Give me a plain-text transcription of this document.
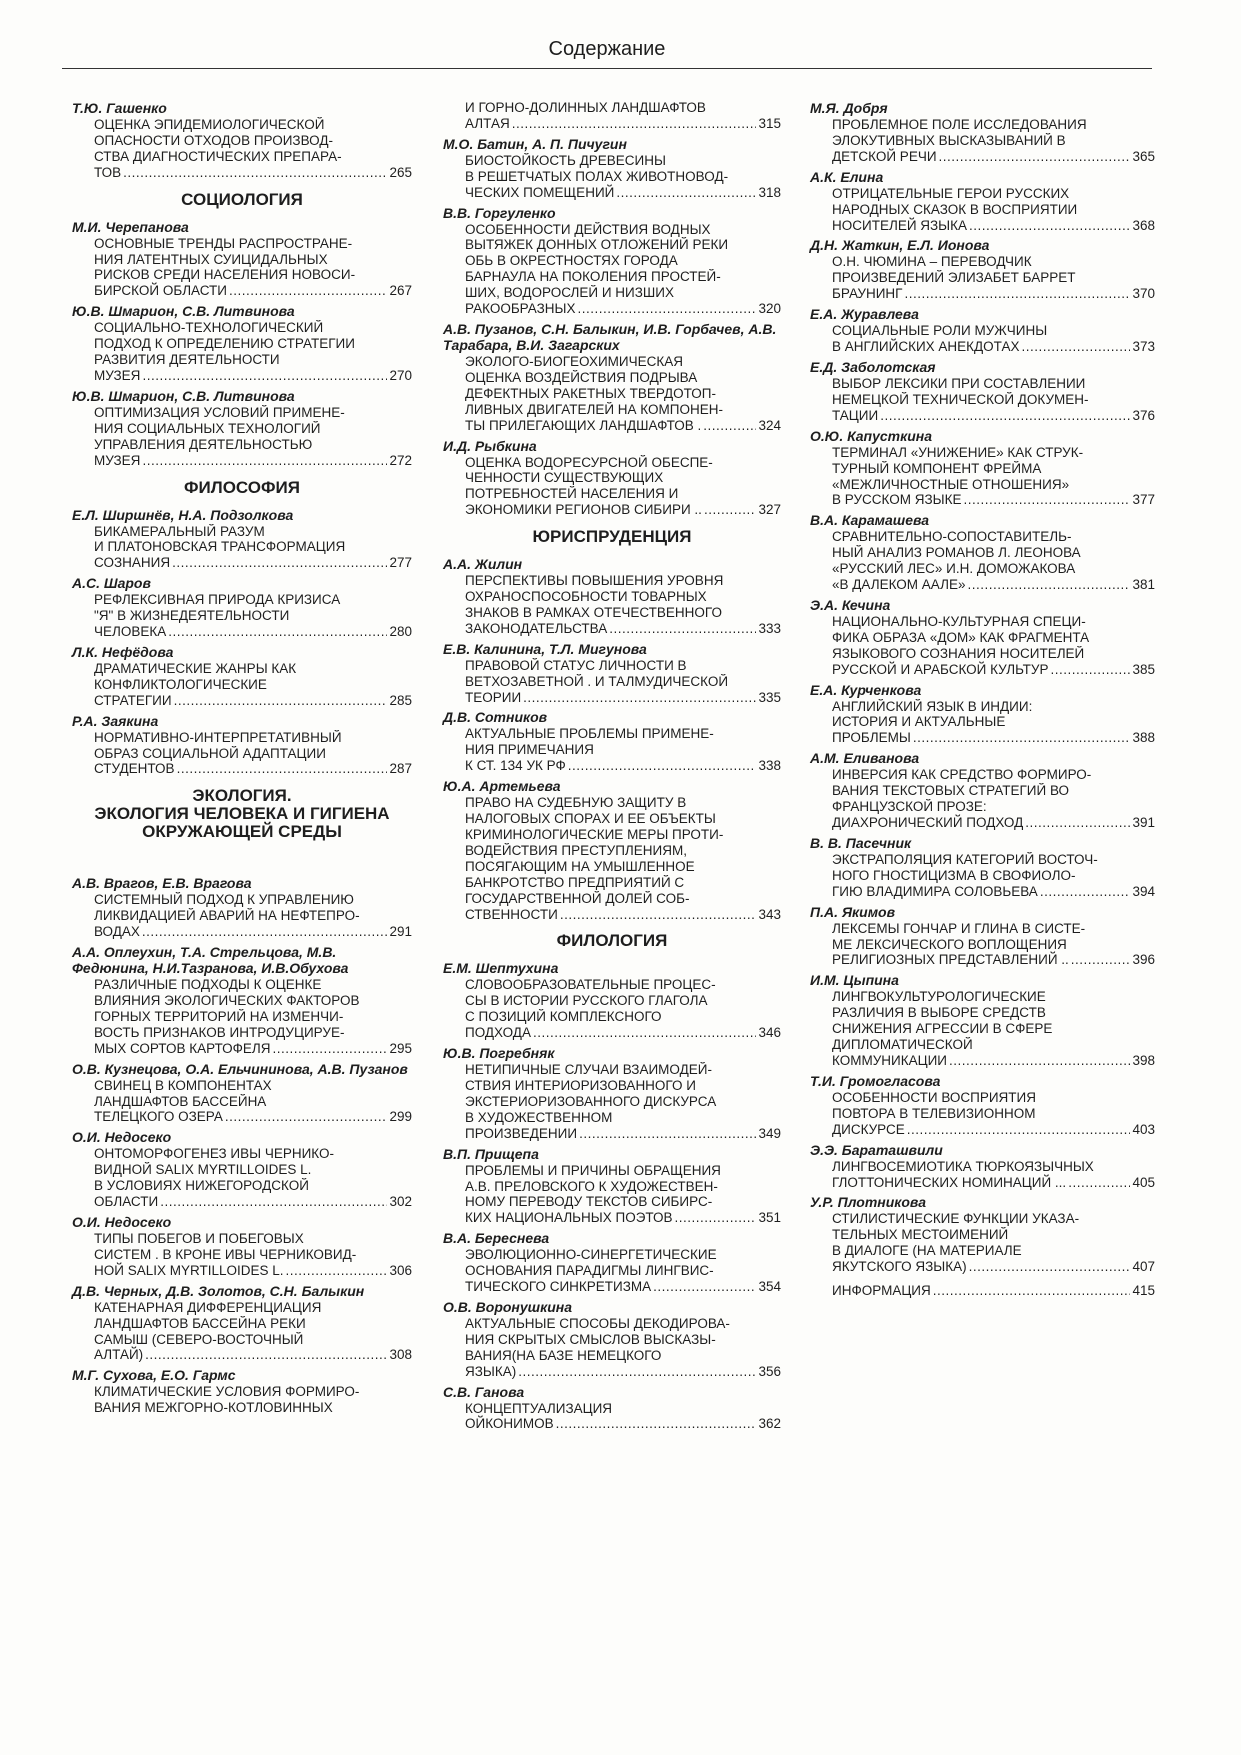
Содержание
Т.Ю. Гашенко
ОЦЕНКА ЭПИДЕМИОЛОГИЧЕСКОЙ
ОПАСНОСТИ ОТХОДОВ ПРОИЗВОД-
СТВА ДИАГНОСТИЧЕСКИХ ПРЕПАРА-
ТОВ .....	265
СОЦИОЛОГИЯ
М.И. Черепанова
ОСНОВНЫЕ ТРЕНДЫ РАСПРОСТРАНЕ-
НИЯ ЛАТЕНТНЫХ СУИЦИДАЛЬНЫХ
РИСКОВ СРЕДИ НАСЕЛЕНИЯ НОВОСИ-
БИРСКОЙ ОБЛАСТИ .....	267
Ю.В. Шмарион, С.В. Литвинова
СОЦИАЛЬНО-ТЕХНОЛОГИЧЕСКИЙ
ПОДХОД К ОПРЕДЕЛЕНИЮ СТРАТЕГИИ
РАЗВИТИЯ ДЕЯТЕЛЬНОСТИ
МУЗЕЯ .....	270
Ю.В. Шмарион, С.В. Литвинова
ОПТИМИЗАЦИЯ УСЛОВИЙ ПРИМЕНЕ-
НИЯ СОЦИАЛЬНЫХ ТЕХНОЛОГИЙ
УПРАВЛЕНИЯ ДЕЯТЕЛЬНОСТЬЮ
МУЗЕЯ .....	272
ФИЛОСОФИЯ
Е.Л. Ширшнёв, Н.А. Подзолкова
БИКАМЕРАЛЬНЫЙ РАЗУМ
И ПЛАТОНОВСКАЯ ТРАНСФОРМАЦИЯ
СОЗНАНИЯ .....	277
А.С. Шаров
РЕФЛЕКСИВНАЯ ПРИРОДА КРИЗИСА
"Я" В ЖИЗНЕДЕЯТЕЛЬНОСТИ
ЧЕЛОВЕКА .....	280
Л.К. Нефёдова
ДРАМАТИЧЕСКИЕ ЖАНРЫ КАК
КОНФЛИКТОЛОГИЧЕСКИЕ
СТРАТЕГИИ .....	285
Р.А. Заякина
НОРМАТИВНО-ИНТЕРПРЕТАТИВНЫЙ
ОБРАЗ СОЦИАЛЬНОЙ АДАПТАЦИИ
СТУДЕНТОВ .....	287
ЭКОЛОГИЯ.
ЭКОЛОГИЯ ЧЕЛОВЕКА И ГИГИЕНА
ОКРУЖАЮЩЕЙ СРЕДЫ
А.В. Врагов, Е.В. Врагова
СИСТЕМНЫЙ ПОДХОД К УПРАВЛЕНИЮ
ЛИКВИДАЦИЕЙ АВАРИЙ НА НЕФТЕПРО-
ВОДАХ .....	291
А.А. Оплеухин, Т.А. Стрельцова, М.В. Федюнина, Н.И.Тазранова, И.В.Обухова
РАЗЛИЧНЫЕ ПОДХОДЫ К ОЦЕНКЕ
ВЛИЯНИЯ ЭКОЛОГИЧЕСКИХ ФАКТОРОВ
ГОРНЫХ ТЕРРИТОРИЙ НА ИЗМЕНЧИ-
ВОСТЬ ПРИЗНАКОВ ИНТРОДУЦИРУЕ-
МЫХ СОРТОВ КАРТОФЕЛЯ .....	295
О.В. Кузнецова, О.А. Ельчининова, А.В. Пузанов
СВИНЕЦ В КОМПОНЕНТАХ
ЛАНДШАФТОВ БАССЕЙНА
ТЕЛЕЦКОГО ОЗЕРА .....	299
О.И. Недосеко
ОНТОМОРФОГЕНЕЗ ИВЫ ЧЕРНИКО-
ВИДНОЙ SALIX MYRTILLOIDES L.
В УСЛОВИЯХ НИЖЕГОРОДСКОЙ
ОБЛАСТИ .....	302
О.И. Недосеко
ТИПЫ ПОБЕГОВ И ПОБЕГОВЫХ
СИСТЕМ . В КРОНЕ ИВЫ ЧЕРНИКОВИД-
НОЙ SALIX MYRTILLOIDES L. .....	306
Д.В. Черных, Д.В. Золотов, С.Н. Балыкин
КАТЕНАРНАЯ ДИФФЕРЕНЦИАЦИЯ
ЛАНДШАФТОВ БАССЕЙНА РЕКИ
САМЫШ (СЕВЕРО-ВОСТОЧНЫЙ
АЛТАЙ) .....	308
М.Г. Сухова, Е.О. Гармс
КЛИМАТИЧЕСКИЕ УСЛОВИЯ ФОРМИРО-
ВАНИЯ МЕЖГОРНО-КОТЛОВИННЫХ
И ГОРНО-ДОЛИННЫХ ЛАНДШАФТОВ
АЛТАЯ .....	315
М.О. Батин, А. П. Пичугин
БИОСТОЙКОСТЬ ДРЕВЕСИНЫ
В РЕШЕТЧАТЫХ ПОЛАХ ЖИВОТНОВОД-
ЧЕСКИХ ПОМЕЩЕНИЙ .....	318
В.В. Горгуленко
ОСОБЕННОСТИ ДЕЙСТВИЯ ВОДНЫХ
ВЫТЯЖЕК ДОННЫХ ОТЛОЖЕНИЙ РЕКИ
ОБЬ В ОКРЕСТНОСТЯХ ГОРОДА
БАРНАУЛА НА ПОКОЛЕНИЯ ПРОСТЕЙ-
ШИХ, ВОДОРОСЛЕЙ И НИЗШИХ
РАКООБРАЗНЫХ .....	320
А.В. Пузанов, С.Н. Балыкин, И.В. Горбачев, А.В. Тарабара, В.И. Загарских
ЭКОЛОГО-БИОГЕОХИМИЧЕСКАЯ
ОЦЕНКА ВОЗДЕЙСТВИЯ ПОДРЫВА
ДЕФЕКТНЫХ РАКЕТНЫХ ТВЕРДОТОП-
ЛИВНЫХ ДВИГАТЕЛЕЙ НА КОМПОНЕН-
ТЫ ПРИЛЕГАЮЩИХ ЛАНДШАФТОВ . .....	324
И.Д. Рыбкина
ОЦЕНКА ВОДОРЕСУРСНОЙ ОБЕСПЕ-
ЧЕННОСТИ СУЩЕСТВУЮЩИХ
ПОТРЕБНОСТЕЙ НАСЕЛЕНИЯ И
ЭКОНОМИКИ РЕГИОНОВ СИБИРИ .. .....	327
ЮРИСПРУДЕНЦИЯ
А.А. Жилин
ПЕРСПЕКТИВЫ ПОВЫШЕНИЯ УРОВНЯ
ОХРАНОСПОСОБНОСТИ ТОВАРНЫХ
ЗНАКОВ В РАМКАХ ОТЕЧЕСТВЕННОГО
ЗАКОНОДАТЕЛЬСТВА .....	333
Е.В. Калинина, Т.Л. Мигунова
ПРАВОВОЙ СТАТУС ЛИЧНОСТИ В
ВЕТХОЗАВЕТНОЙ . И ТАЛМУДИЧЕСКОЙ
ТЕОРИИ .....	335
Д.В. Сотников
АКТУАЛЬНЫЕ ПРОБЛЕМЫ ПРИМЕНЕ-
НИЯ ПРИМЕЧАНИЯ
К СТ. 134 УК РФ .....	338
Ю.А. Артемьева
ПРАВО НА СУДЕБНУЮ ЗАЩИТУ В
НАЛОГОВЫХ СПОРАХ И ЕЕ ОБЪЕКТЫ
КРИМИНОЛОГИЧЕСКИЕ МЕРЫ ПРОТИ-
ВОДЕЙСТВИЯ ПРЕСТУПЛЕНИЯМ,
ПОСЯГАЮЩИМ НА УМЫШЛЕННОЕ
БАНКРОТСТВО ПРЕДПРИЯТИЙ С
ГОСУДАРСТВЕННОЙ ДОЛЕЙ СОБ-
СТВЕННОСТИ .....	343
ФИЛОЛОГИЯ
Е.М. Шептухина
СЛОВООБРАЗОВАТЕЛЬНЫЕ ПРОЦЕС-
СЫ В ИСТОРИИ РУССКОГО ГЛАГОЛА
С ПОЗИЦИЙ КОМПЛЕКСНОГО
ПОДХОДА .....	346
Ю.В. Погребняк
НЕТИПИЧНЫЕ СЛУЧАИ ВЗАИМОДЕЙ-
СТВИЯ ИНТЕРИОРИЗОВАННОГО И
ЭКСТЕРИОРИЗОВАННОГО ДИСКУРСА
В ХУДОЖЕСТВЕННОМ
ПРОИЗВЕДЕНИИ .....	349
В.П. Прищепа
ПРОБЛЕМЫ И ПРИЧИНЫ ОБРАЩЕНИЯ
А.В. ПРЕЛОВСКОГО К ХУДОЖЕСТВЕН-
НОМУ ПЕРЕВОДУ ТЕКСТОВ СИБИРС-
КИХ НАЦИОНАЛЬНЫХ ПОЭТОВ .....	351
В.А. Береснева
ЭВОЛЮЦИОННО-СИНЕРГЕТИЧЕСКИЕ
ОСНОВАНИЯ ПАРАДИГМЫ ЛИНГВИС-
ТИЧЕСКОГО СИНКРЕТИЗМА .....	354
О.В. Воронушкина
АКТУАЛЬНЫЕ СПОСОБЫ ДЕКОДИРОВА-
НИЯ СКРЫТЫХ СМЫСЛОВ ВЫСКАЗЫ-
ВАНИЯ(НА БАЗЕ НЕМЕЦКОГО
ЯЗЫКА) .....	356
С.В. Ганова
КОНЦЕПТУАЛИЗАЦИЯ
ОЙКОНИМОВ .....	362
М.Я. Добря
ПРОБЛЕМНОЕ ПОЛЕ ИССЛЕДОВАНИЯ
ЭЛОКУТИВНЫХ ВЫСКАЗЫВАНИЙ В
ДЕТСКОЙ РЕЧИ .....	365
А.К. Елина
ОТРИЦАТЕЛЬНЫЕ ГЕРОИ РУССКИХ
НАРОДНЫХ СКАЗОК В ВОСПРИЯТИИ
НОСИТЕЛЕЙ ЯЗЫКА .....	368
Д.Н. Жаткин, Е.Л. Ионова
О.Н. ЧЮМИНА – ПЕРЕВОДЧИК
ПРОИЗВЕДЕНИЙ ЭЛИЗАБЕТ БАРРЕТ
БРАУНИНГ .....	370
Е.А. Журавлева
СОЦИАЛЬНЫЕ РОЛИ МУЖЧИНЫ
В АНГЛИЙСКИХ АНЕКДОТАХ .....	373
Е.Д. Заболотская
ВЫБОР ЛЕКСИКИ ПРИ СОСТАВЛЕНИИ
НЕМЕЦКОЙ ТЕХНИЧЕСКОЙ ДОКУМЕН-
ТАЦИИ .....	376
О.Ю. Капусткина
ТЕРМИНАЛ «УНИЖЕНИЕ» КАК СТРУК-
ТУРНЫЙ КОМПОНЕНТ ФРЕЙМА
«МЕЖЛИЧНОСТНЫЕ ОТНОШЕНИЯ»
В РУССКОМ ЯЗЫКЕ .....	377
В.А. Карамашева
СРАВНИТЕЛЬНО-СОПОСТАВИТЕЛЬ-
НЫЙ АНАЛИЗ РОМАНОВ Л. ЛЕОНОВА
«РУССКИЙ ЛЕС» И.Н. ДОМОЖАКОВА
«В ДАЛЕКОМ ААЛЕ» .....	381
Э.А. Кечина
НАЦИОНАЛЬНО-КУЛЬТУРНАЯ СПЕЦИ-
ФИКА ОБРАЗА «ДОМ» КАК ФРАГМЕНТА
ЯЗЫКОВОГО СОЗНАНИЯ НОСИТЕЛЕЙ
РУССКОЙ И АРАБСКОЙ КУЛЬТУР .....	385
Е.А. Курченкова
АНГЛИЙСКИЙ ЯЗЫК В ИНДИИ:
ИСТОРИЯ И АКТУАЛЬНЫЕ
ПРОБЛЕМЫ .....	388
А.М. Еливанова
ИНВЕРСИЯ КАК СРЕДСТВО ФОРМИРО-
ВАНИЯ ТЕКСТОВЫХ СТРАТЕГИЙ ВО
ФРАНЦУЗСКОЙ ПРОЗЕ:
ДИАХРОНИЧЕСКИЙ ПОДХОД .....	391
В. В. Пасечник
ЭКСТРАПОЛЯЦИЯ КАТЕГОРИЙ ВОСТОЧ-
НОГО ГНОСТИЦИЗМА В СВОФИОЛО-
ГИЮ ВЛАДИМИРА СОЛОВЬЕВА .....	394
П.А. Якимов
ЛЕКСЕМЫ ГОНЧАР И ГЛИНА В СИСТЕ-
МЕ ЛЕКСИЧЕСКОГО ВОПЛОЩЕНИЯ
РЕЛИГИОЗНЫХ ПРЕДСТАВЛЕНИЙ .. .....	396
И.М. Цыпина
ЛИНГВОКУЛЬТУРОЛОГИЧЕСКИЕ
РАЗЛИЧИЯ В ВЫБОРЕ СРЕДСТВ
СНИЖЕНИЯ АГРЕССИИ В СФЕРЕ
ДИПЛОМАТИЧЕСКОЙ
КОММУНИКАЦИИ .....	398
Т.И. Громогласова
ОСОБЕННОСТИ ВОСПРИЯТИЯ
ПОВТОРА В ТЕЛЕВИЗИОННОМ
ДИСКУРСЕ .....	403
Э.Э. Бараташвили
ЛИНГВОСЕМИОТИКА ТЮРКОЯЗЫЧНЫХ
ГЛОТТОНИЧЕСКИХ НОМИНАЦИЙ ... .....	405
У.Р. Плотникова
СТИЛИСТИЧЕСКИЕ ФУНКЦИИ УКАЗА-
ТЕЛЬНЫХ МЕСТОИМЕНИЙ
В ДИАЛОГЕ (НА МАТЕРИАЛЕ
ЯКУТСКОГО ЯЗЫКА) .....	407
ИНФОРМАЦИЯ .....	415
